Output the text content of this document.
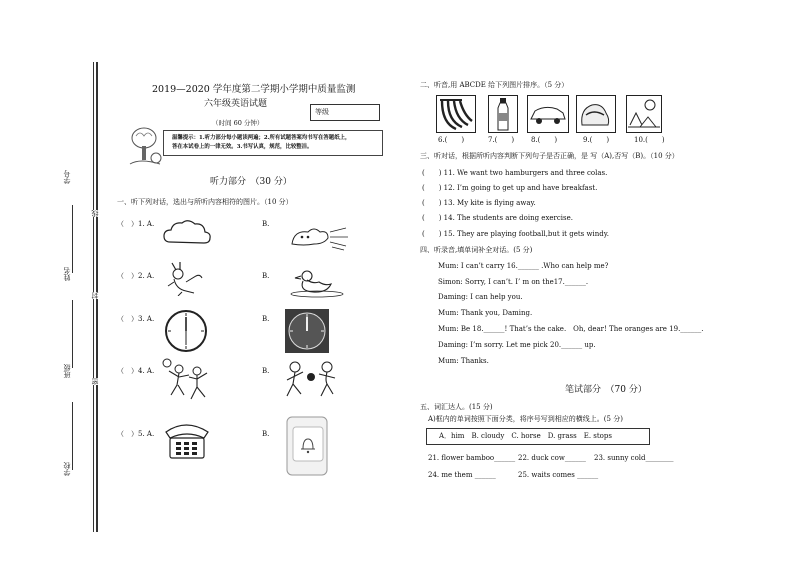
密
封
线
学校
班级
姓名
学号
2019—2020 学年度第二学期小学期中质量监测
六年级英语试题
等级
（时间 60 分钟）
温馨提示：1.听力部分每小题读两遍；2.所有试题答案均书写在答题纸上，
答在本试卷上的一律无效。3.书写认真，规范，比较整洁。
听力部分　（30 分）
一、听下列对话，选出与所听内容相符的图片。（10 分）
（　）1. A.	B.
（　）2. A.	B.
（　）3. A.	B.
（　）4. A.	B.
（　）5. A.	B.
二、听音,用 ABCDE 给下列图片排序。（5 分）
6.(　　)	7.(　　) 8.(　　)	9.(　　)	10.(　　)
三、听对话，根据所听内容判断下列句子是否正确，是 写（A),否写（B)。（10 分）
(　　) 11. We want two hamburgers and three colas.
(　　) 12. I’m going to get up and have breakfast.
(　　) 13. My kite is flying away.
(　　) 14. The students are doing exercise.
(　　) 15. They are playing football,but it gets windy.
四、听录音,填单词补全对话。(5 分)
Mum: I can’t carry 16.______ .Who can help me?
Simon: Sorry, I can’t. I’ m on the17.______.
Daming: I can help you.
Mum: Thank you, Daming.
Mum: Be 18.______! That’s the cake.　Oh, dear! The oranges are 19.______.
Daming: I’m sorry. Let me pick 20.______ up.
Mum: Thanks.
笔试部分　（70 分）
五、词汇达人。(15 分)
A)框内的单词按照下面分类，将序号写到相应的横线上。(5 分)
A．him　B. cloudy　C. horse　D. grass　E. stops
21. flower bamboo______ 22. duck cow______ 23. sunny cold________
24. me them ______	25. waits comes ______
